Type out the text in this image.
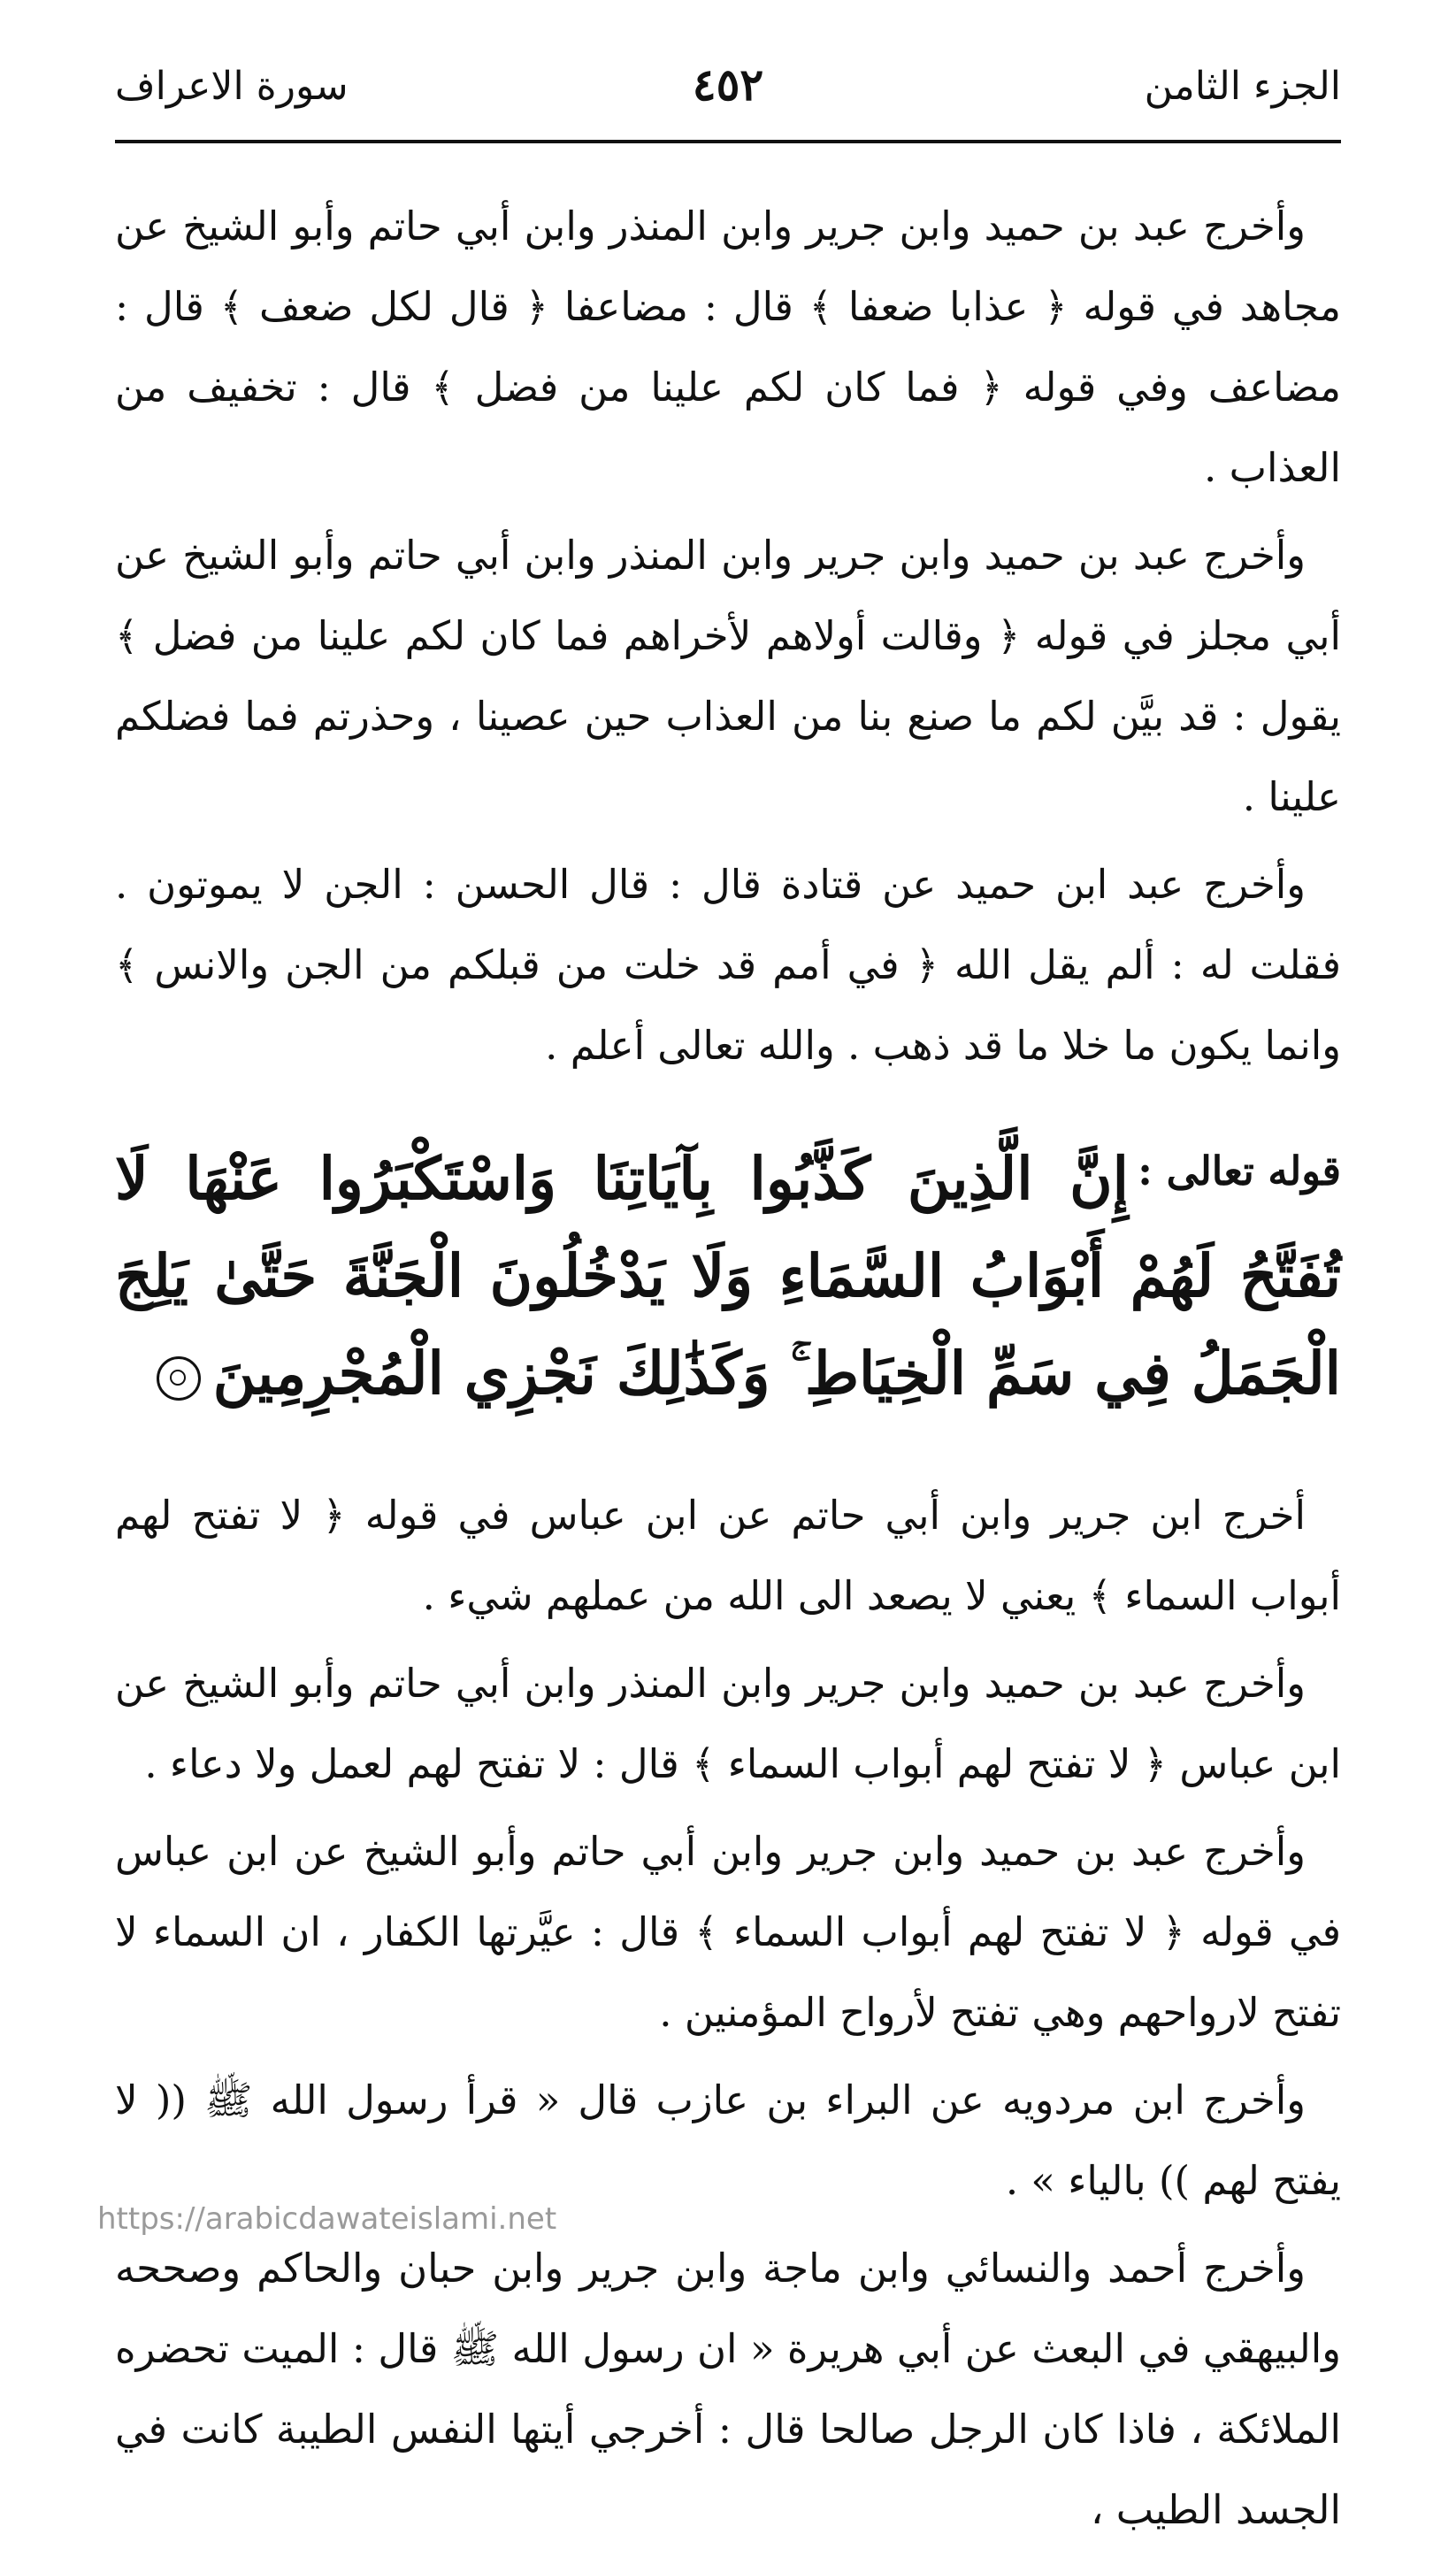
الجزء الثامن
٤٥٢
سورة الاعراف

وأخرج عبد بن حميد وابن جرير وابن المنذر وابن أبي حاتم وأبو الشيخ عن مجاهد في قوله ﴿ عذابا ضعفا ﴾ قال : مضاعفا ﴿ قال لكل ضعف ﴾ قال : مضاعف وفي قوله ﴿ فما كان لكم علينا من فضل ﴾ قال : تخفيف من العذاب .

وأخرج عبد بن حميد وابن جرير وابن المنذر وابن أبي حاتم وأبو الشيخ عن أبي مجلز في قوله ﴿ وقالت أولاهم لأخراهم فما كان لكم علينا من فضل ﴾ يقول : قد بيَّن لكم ما صنع بنا من العذاب حين عصينا ، وحذرتم فما فضلكم علينا .

وأخرج عبد ابن حميد عن قتادة قال : قال الحسن : الجن لا يموتون . فقلت له : ألم يقل الله ﴿ في أمم قد خلت من قبلكم من الجن والانس ﴾ وانما يكون ما خلا ما قد ذهب . والله تعالى أعلم .

قوله تعالى :
إِنَّ الَّذِينَ كَذَّبُوا بِآيَاتِنَا وَاسْتَكْبَرُوا عَنْهَا لَا تُفَتَّحُ لَهُمْ أَبْوَابُ السَّمَاءِ وَلَا يَدْخُلُونَ الْجَنَّةَ حَتَّىٰ يَلِجَ الْجَمَلُ فِي سَمِّ الْخِيَاطِ ۚ وَكَذَٰلِكَ نَجْزِي الْمُجْرِمِينَ

أخرج ابن جرير وابن أبي حاتم عن ابن عباس في قوله ﴿ لا تفتح لهم أبواب السماء ﴾ يعني لا يصعد الى الله من عملهم شيء .

وأخرج عبد بن حميد وابن جرير وابن المنذر وابن أبي حاتم وأبو الشيخ عن ابن عباس ﴿ لا تفتح لهم أبواب السماء ﴾ قال : لا تفتح لهم لعمل ولا دعاء .

وأخرج عبد بن حميد وابن جرير وابن أبي حاتم وأبو الشيخ عن ابن عباس في قوله ﴿ لا تفتح لهم أبواب السماء ﴾ قال : عيَّرتها الكفار ، ان السماء لا تفتح لارواحهم وهي تفتح لأرواح المؤمنين .

وأخرج ابن مردويه عن البراء بن عازب قال « قرأ رسول الله ﷺ (( لا يفتح لهم )) بالياء » .

وأخرج أحمد والنسائي وابن ماجة وابن جرير وابن حبان والحاكم وصححه والبيهقي في البعث عن أبي هريرة « ان رسول الله ﷺ قال : الميت تحضره الملائكة ، فاذا كان الرجل صالحا قال : أخرجي أيتها النفس الطيبة كانت في الجسد الطيب ،

https://arabicdawateislami.net
